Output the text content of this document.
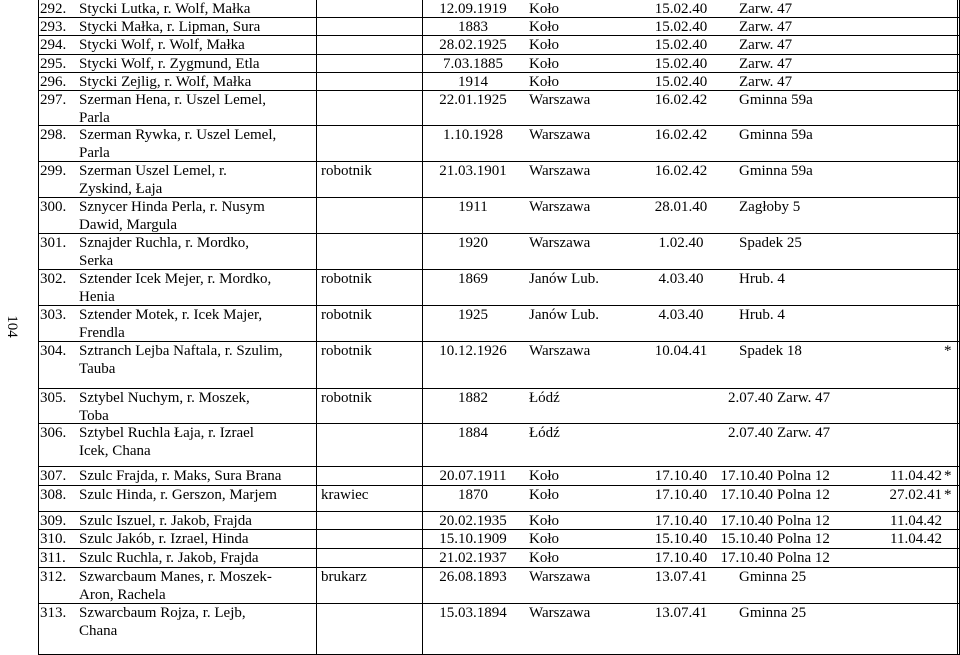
104
292. Stycki Lutka, r. Wolf, Małka	12.09.1919	Koło	15.02.40	Zarw. 47
293. Stycki Małka, r. Lipman, Sura	1883	Koło	15.02.40	Zarw. 47
294. Stycki Wolf, r. Wolf, Małka	28.02.1925	Koło	15.02.40	Zarw. 47
295. Stycki Wolf, r. Zygmund, Etla	7.03.1885	Koło	15.02.40	Zarw. 47
296. Stycki Zejlig, r. Wolf, Małka	1914	Koło	15.02.40	Zarw. 47
297. Szerman Hena, r. Uszel Lemel,
Parla
22.01.1925	Warszawa	16.02.42	Gminna 59a
298. Szerman Rywka, r. Uszel Lemel,
Parla
1.10.1928	Warszawa	16.02.42	Gminna 59a
299. Szerman Uszel Lemel, r.
Zyskind, Łaja
robotnik	21.03.1901	Warszawa	16.02.42	Gminna 59a
300. Sznycer Hinda Perla, r. Nusym
Dawid, Margula
1911	Warszawa	28.01.40	Zagłoby 5
301. Sznajder Ruchla, r. Mordko,
Serka
1920	Warszawa	1.02.40	Spadek 25
302. Sztender Icek Mejer, r. Mordko,
Henia
robotnik	1869	Janów Lub.	4.03.40	Hrub. 4
303. Sztender Motek, r. Icek Majer,
Frendla
robotnik	1925	Janów Lub.	4.03.40	Hrub. 4
304. Sztranch Lejba Naftala, r. Szulim,
Tauba
robotnik	10.12.1926	Warszawa	10.04.41	Spadek 18	*
305. Sztybel Nuchym, r. Moszek,
Toba
robotnik	1882	Łódź	2.07.40 Zarw. 47
306. Sztybel Ruchla Łaja, r. Izrael
Icek, Chana
1884	Łódź	2.07.40 Zarw. 47
307. Szulc Frajda, r. Maks, Sura Brana	20.07.1911	Koło	17.10.40 17.10.40 Polna 12	11.04.42 *
308. Szulc Hinda, r. Gerszon, Marjem	krawiec	1870	Koło	17.10.40 17.10.40 Polna 12	27.02.41 *
309. Szulc Iszuel, r. Jakob, Frajda	20.02.1935	Koło	17.10.40 17.10.40 Polna 12	11.04.42
310. Szulc Jakób, r. Izrael, Hinda	15.10.1909	Koło	15.10.40 15.10.40 Polna 12	11.04.42
311. Szulc Ruchla, r. Jakob, Frajda	21.02.1937	Koło	17.10.40 17.10.40 Polna 12
312. Szwarcbaum Manes, r. Moszek-
Aron, Rachela
brukarz	26.08.1893	Warszawa	13.07.41	Gminna 25
313. Szwarcbaum Rojza, r. Lejb,
Chana
15.03.1894	Warszawa	13.07.41	Gminna 25
